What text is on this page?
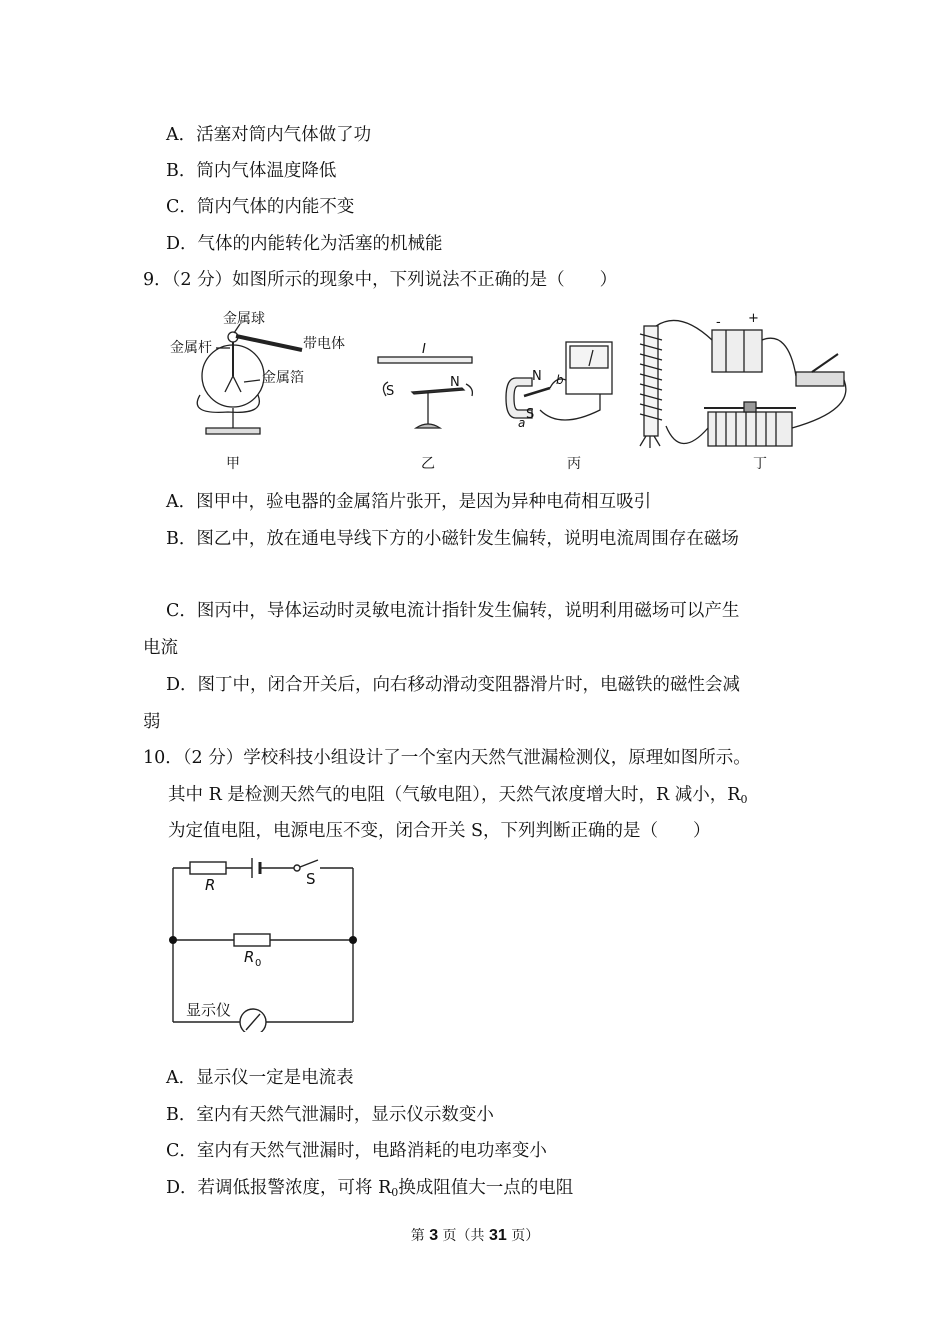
A．活塞对筒内气体做了功
B．筒内气体温度降低
C．筒内气体的内能不变
D．气体的内能转化为活塞的机械能
9．（2 分）如图所示的现象中，下列说法不正确的是（　　）
金属球
金属杆	带电体
金属箔
甲
I
S
N
乙
N
S
a
b
丙
- +
丁
A．图甲中，验电器的金属箔片张开，是因为异种电荷相互吸引
B．图乙中，放在通电导线下方的小磁针发生偏转，说明电流周围存在磁场
C．图丙中，导体运动时灵敏电流计指针发生偏转，说明利用磁场可以产生
电流
D．图丁中，闭合开关后，向右移动滑动变阻器滑片时，电磁铁的磁性会减
弱
10．（2 分）学校科技小组设计了一个室内天然气泄漏检测仪，原理如图所示。
其中 R 是检测天然气的电阻（气敏电阻），天然气浓度增大时，R 减小，$R_0$
为定值电阻，电源电压不变，闭合开关 S，下列判断正确的是（　　）
R	S
R 0
显示仪
A．显示仪一定是电流表
B．室内有天然气泄漏时，显示仪示数变小
C．室内有天然气泄漏时，电路消耗的电功率变小
D．若调低报警浓度，可将 $R_0$换成阻值大一点的电阻
第 3 页（共 31 页）
